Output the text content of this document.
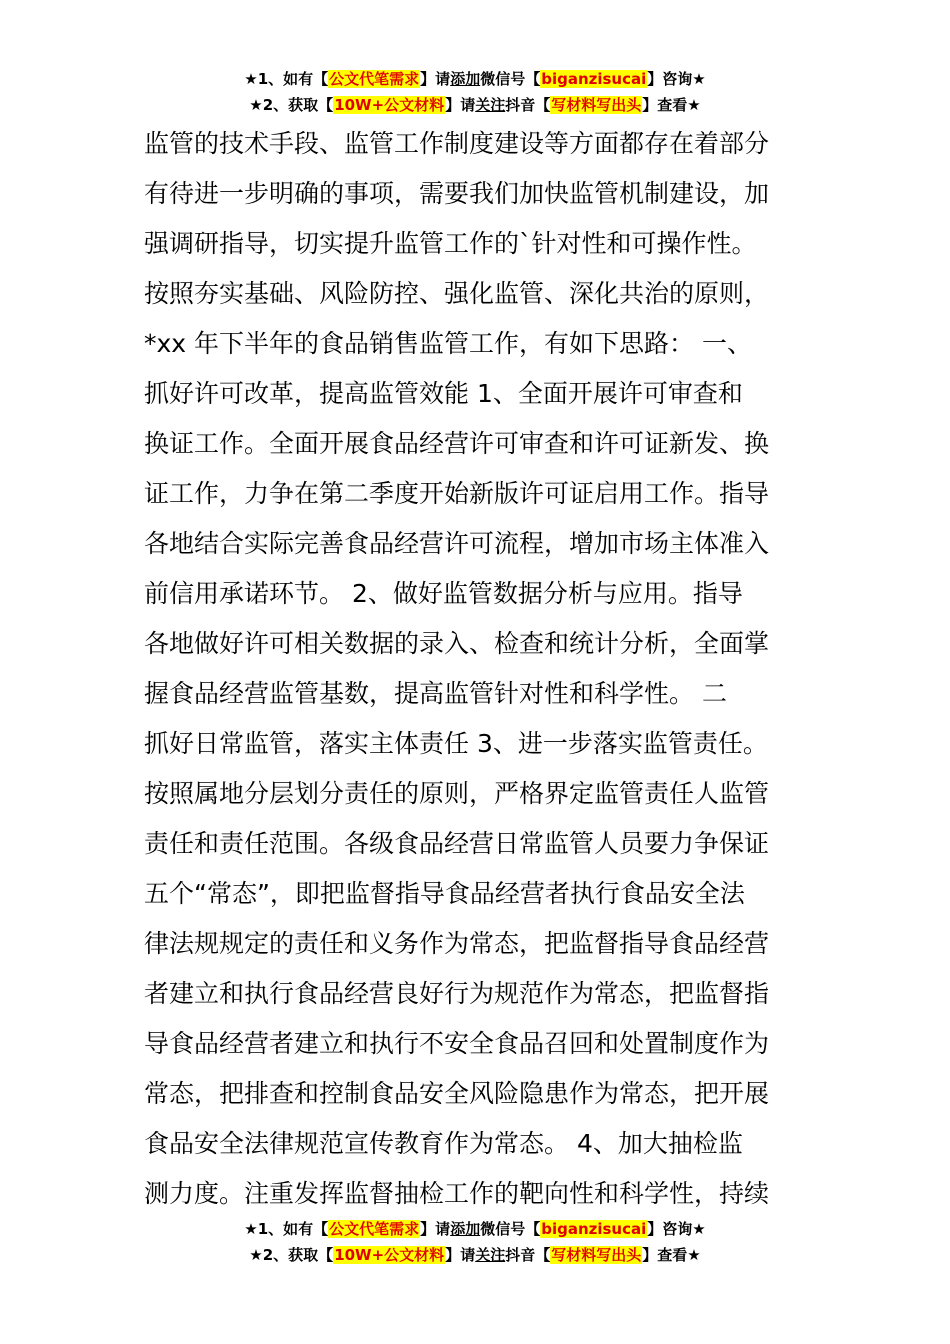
★1、如有【公文代笔需求】请添加微信号【biganzisucai】咨询★
★2、获取【10W+公文材料】请关注抖音【写材料写出头】查看★
监管的技术手段、监管工作制度建设等方面都存在着部分
有待进一步明确的事项，需要我们加快监管机制建设，加
强调研指导，切实提升监管工作的`针对性和可操作性。
按照夯实基础、风险防控、强化监管、深化共治的原则，
*xx 年下半年的食品销售监管工作，有如下思路： 一、
抓好许可改革，提高监管效能 1、全面开展许可审查和
换证工作。全面开展食品经营许可审查和许可证新发、换
证工作，力争在第二季度开始新版许可证启用工作。指导
各地结合实际完善食品经营许可流程，增加市场主体准入
前信用承诺环节。 2、做好监管数据分析与应用。指导
各地做好许可相关数据的录入、检查和统计分析，全面掌
握食品经营监管基数，提高监管针对性和科学性。 二
抓好日常监管，落实主体责任 3、进一步落实监管责任。
按照属地分层划分责任的原则，严格界定监管责任人监管
责任和责任范围。各级食品经营日常监管人员要力争保证
五个“常态”，即把监督指导食品经营者执行食品安全法
律法规规定的责任和义务作为常态，把监督指导食品经营
者建立和执行食品经营良好行为规范作为常态，把监督指
导食品经营者建立和执行不安全食品召回和处置制度作为
常态，把排查和控制食品安全风险隐患作为常态，把开展
食品安全法律规范宣传教育作为常态。 4、加大抽检监
测力度。注重发挥监督抽检工作的靶向性和科学性，持续
★1、如有【公文代笔需求】请添加微信号【biganzisucai】咨询★
★2、获取【10W+公文材料】请关注抖音【写材料写出头】查看★
